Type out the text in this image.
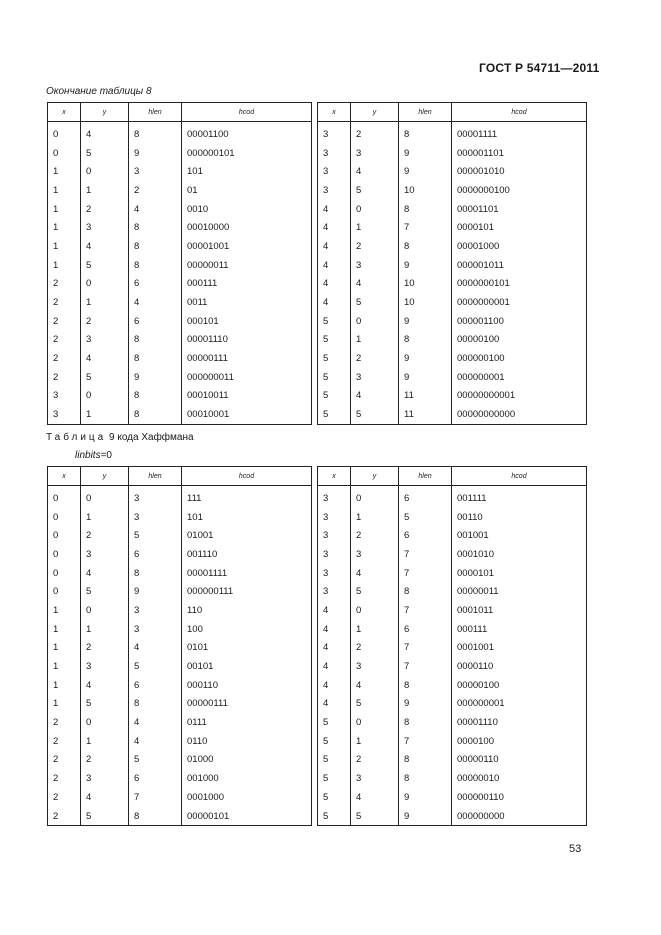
ГОСТ Р 54711—2011
Окончание таблицы 8
x	y	hlen	hcod		x	y	hlen	hcod
0	4	8	00001100		3	2	8	00001111
0	5	9	000000101		3	3	9	000001101
1	0	3	101		3	4	9	000001010
1	1	2	01		3	5	10	0000000100
1	2	4	0010		4	0	8	00001101
1	3	8	00010000		4	1	7	0000101
1	4	8	00001001		4	2	8	00001000
1	5	8	00000011		4	3	9	000001011
2	0	6	000111		4	4	10	0000000101
2	1	4	0011		4	5	10	0000000001
2	2	6	000101		5	0	9	000001100
2	3	8	00001110		5	1	8	00000100
2	4	8	00000111		5	2	9	000000100
2	5	9	000000011		5	3	9	000000001
3	0	8	00010011		5	4	11	00000000001
3	1	8	00010001		5	5	11	00000000000
Таблица 9 кода Хаффмана
linbits=0
x	y	hlen	hcod		x	y	hlen	hcod
0	0	3	111		3	0	6	001111
0	1	3	101		3	1	5	00110
0	2	5	01001		3	2	6	001001
0	3	6	001110		3	3	7	0001010
0	4	8	00001111		3	4	7	0000101
0	5	9	000000111		3	5	8	00000011
1	0	3	110		4	0	7	0001011
1	1	3	100		4	1	6	000111
1	2	4	0101		4	2	7	0001001
1	3	5	00101		4	3	7	0000110
1	4	6	000110		4	4	8	00000100
1	5	8	00000111		4	5	9	000000001
2	0	4	0111		5	0	8	00001110
2	1	4	0110		5	1	7	0000100
2	2	5	01000		5	2	8	00000110
2	3	6	001000		5	3	8	00000010
2	4	7	0001000		5	4	9	000000110
2	5	8	00000101		5	5	9	000000000
53
